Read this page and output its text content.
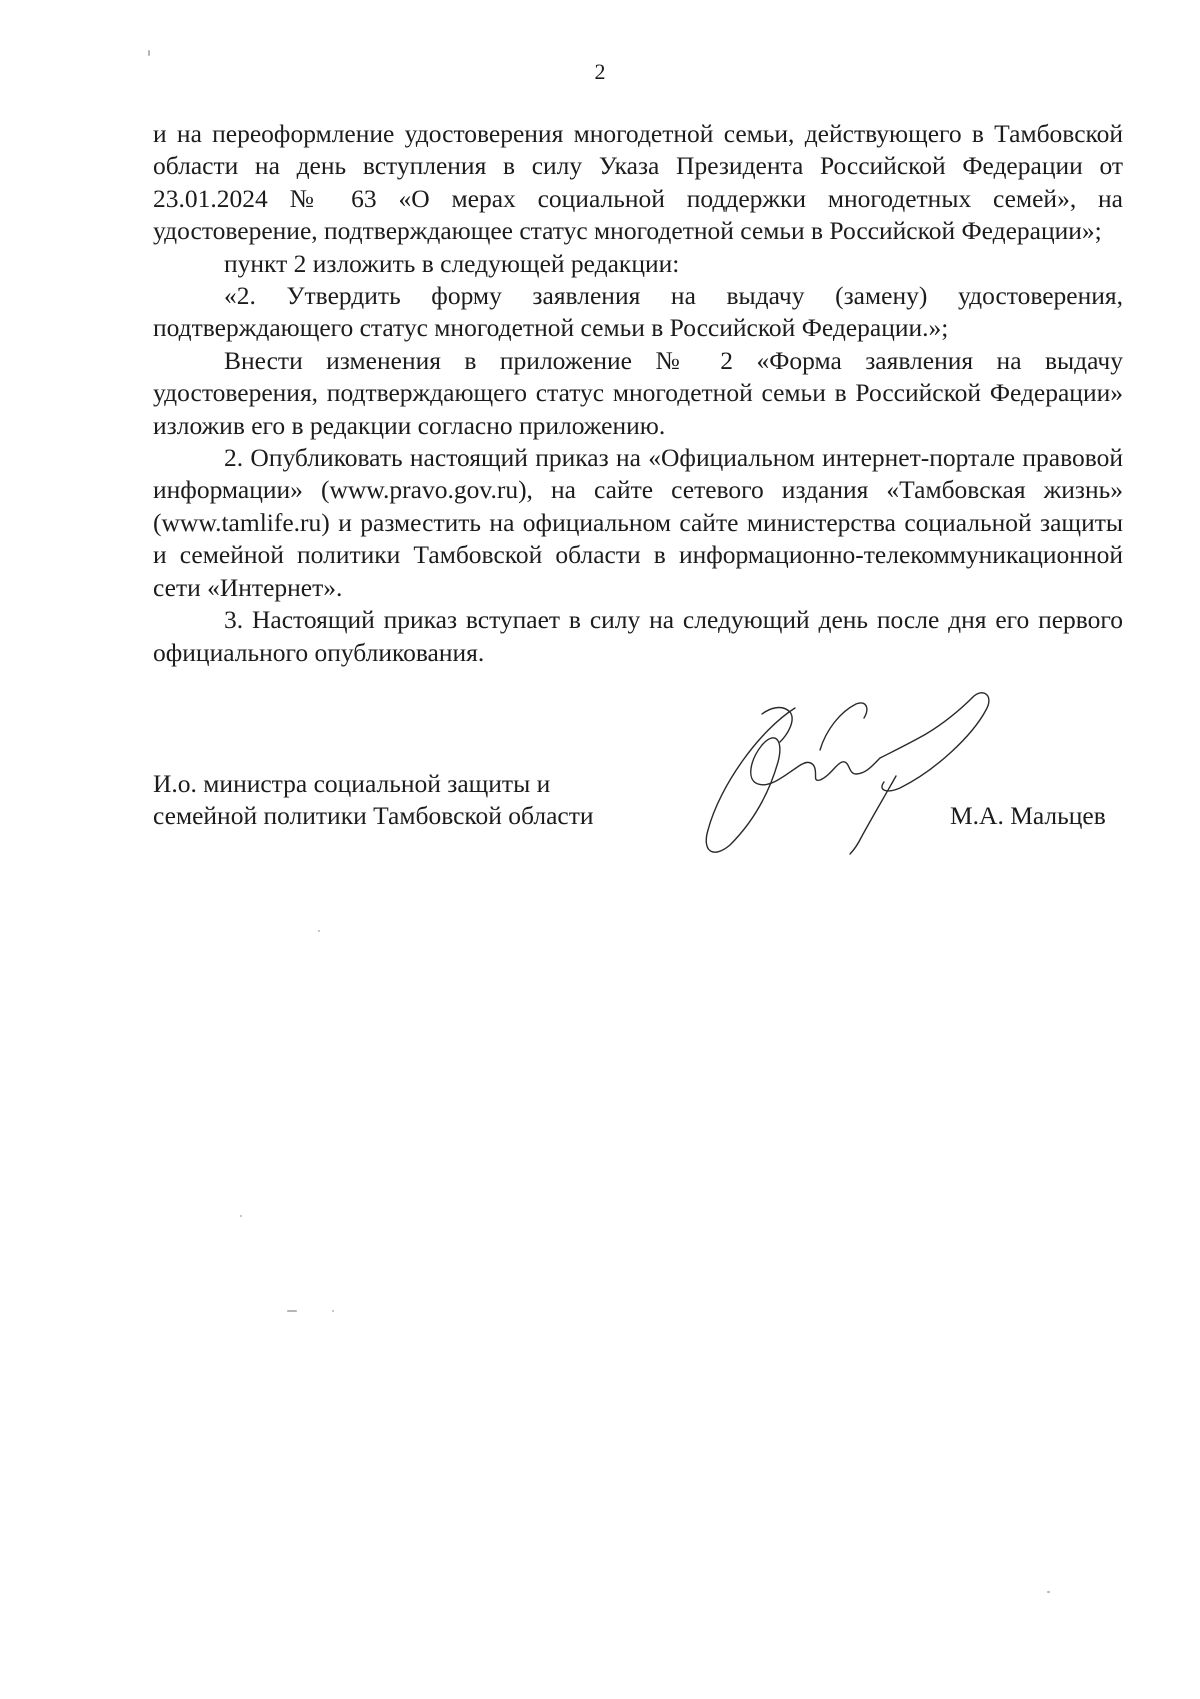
2

и на переоформление удостоверения многодетной семьи, действующего в Тамбовской области на день вступления в силу Указа Президента Российской Федерации от 23.01.2024 № 63 «О мерах социальной поддержки многодетных семей», на удостоверение, подтверждающее статус многодетной семьи в Российской Федерации»;

пункт 2 изложить в следующей редакции:

«2. Утвердить форму заявления на выдачу (замену) удостоверения, подтверждающего статус многодетной семьи в Российской Федерации.»;

Внести изменения в приложение № 2 «Форма заявления на выдачу удостоверения, подтверждающего статус многодетной семьи в Российской Федерации» изложив его в редакции согласно приложению.

2. Опубликовать настоящий приказ на «Официальном интернет-портале правовой информации» (www.pravo.gov.ru), на сайте сетевого издания «Тамбовская жизнь» (www.tamlife.ru) и разместить на официальном сайте министерства социальной защиты и семейной политики Тамбовской области в информационно-телекоммуникационной сети «Интернет».

3. Настоящий приказ вступает в силу на следующий день после дня его первого официального опубликования.

И.о. министра социальной защиты и
семейной политики Тамбовской области	М.А. Мальцев
